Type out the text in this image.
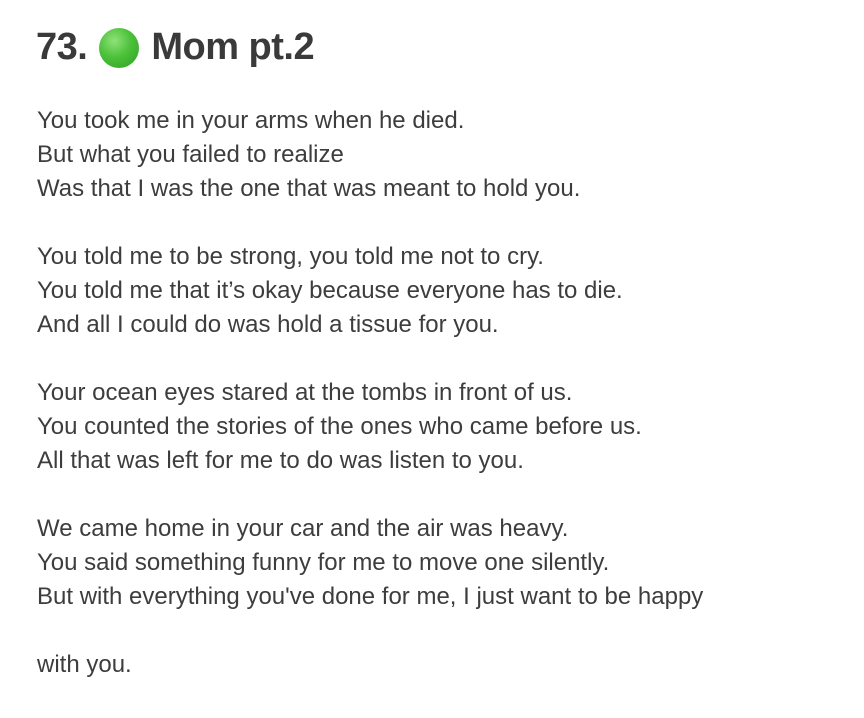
73. Mom pt.2
You took me in your arms when he died.
But what you failed to realize
Was that I was the one that was meant to hold you.
You told me to be strong, you told me not to cry.
You told me that it’s okay because everyone has to die.
And all I could do was hold a tissue for you.
Your ocean eyes stared at the tombs in front of us.
You counted the stories of the ones who came before us.
All that was left for me to do was listen to you.
We came home in your car and the air was heavy.
You said something funny for me to move one silently.
But with everything you've done for me, I just want to be happy
with you.
